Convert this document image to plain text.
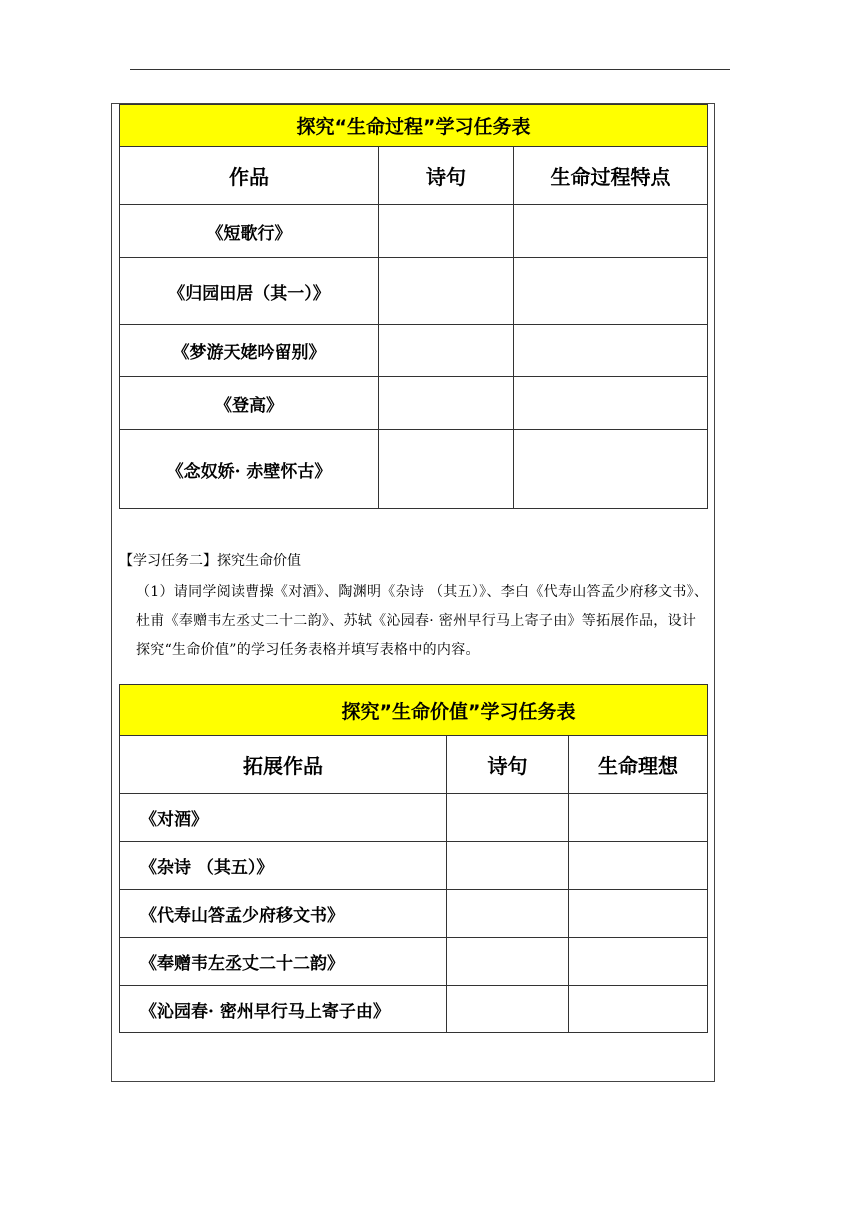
探究“生命过程”学习任务表		
作品	诗句	生命过程特点
《短歌行》		
《归园田居（其一）》		
《梦游天姥吟留别》		
《登高》		
《念奴娇· 赤壁怀古》		
【学习任务二】探究生命价值
（1）请同学阅读曹操《对酒》、陶渊明《杂诗 （其五）》、李白《代寿山答孟少府移文书》、杜甫《奉赠韦左丞丈二十二韵》、苏轼《沁园春· 密州早行马上寄子由》等拓展作品，设计探究“生命价值”的学习任务表格并填写表格中的内容。
探究”生命价值”学习任务表		
拓展作品	诗句	生命理想
《对酒》		
《杂诗 （其五）》		
《代寿山答孟少府移文书》		
《奉赠韦左丞丈二十二韵》		
《沁园春· 密州早行马上寄子由》		
